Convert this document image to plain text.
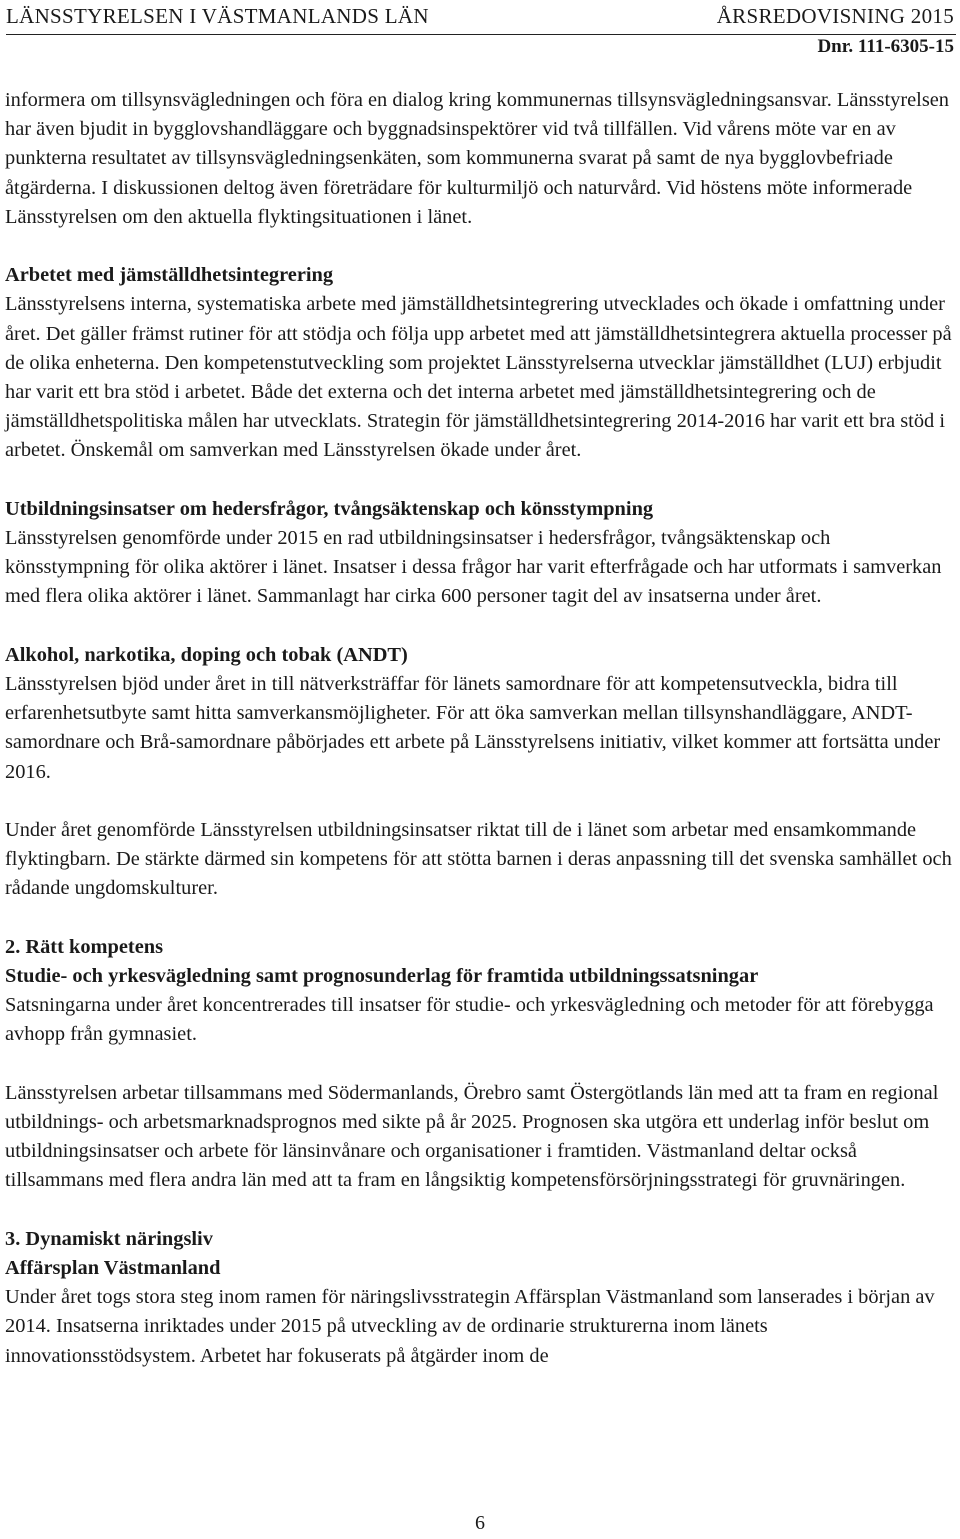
LÄNSSTYRELSEN I VÄSTMANLANDS LÄN	ÅRSREDOVISNING 2015
Dnr. 111-6305-15

informera om tillsynsvägledningen och föra en dialog kring kommunernas tillsynsvägledningsansvar. Länsstyrelsen har även bjudit in bygglovshandläggare och byggnadsinspektörer vid två tillfällen. Vid vårens möte var en av punkterna resultatet av tillsynsvägledningsenkäten, som kommunerna svarat på samt de nya bygglovbefriade åtgärderna. I diskussionen deltog även företrädare för kulturmiljö och naturvård. Vid höstens möte informerade Länsstyrelsen om den aktuella flyktingsituationen i länet.

Arbetet med jämställdhetsintegrering
Länsstyrelsens interna, systematiska arbete med jämställdhetsintegrering utvecklades och ökade i omfattning under året. Det gäller främst rutiner för att stödja och följa upp arbetet med att jämställdhetsintegrera aktuella processer på de olika enheterna. Den kompetenstutveckling som projektet Länsstyrelserna utvecklar jämställdhet (LUJ) erbjudit har varit ett bra stöd i arbetet. Både det externa och det interna arbetet med jämställdhetsintegrering och de jämställdhetspolitiska målen har utvecklats. Strategin för jämställdhetsintegrering 2014-2016 har varit ett bra stöd i arbetet. Önskemål om samverkan med Länsstyrelsen ökade under året.

Utbildningsinsatser om hedersfrågor, tvångsäktenskap och könsstympning
Länsstyrelsen genomförde under 2015 en rad utbildningsinsatser i hedersfrågor, tvångsäktenskap och könsstympning för olika aktörer i länet. Insatser i dessa frågor har varit efterfrågade och har utformats i samverkan med flera olika aktörer i länet. Sammanlagt har cirka 600 personer tagit del av insatserna under året.

Alkohol, narkotika, doping och tobak (ANDT)
Länsstyrelsen bjöd under året in till nätverksträffar för länets samordnare för att kompetensutveckla, bidra till erfarenhetsutbyte samt hitta samverkansmöjligheter. För att öka samverkan mellan tillsynshandläggare, ANDT-samordnare och Brå-samordnare påbörjades ett arbete på Länsstyrelsens initiativ, vilket kommer att fortsätta under 2016.

Under året genomförde Länsstyrelsen utbildningsinsatser riktat till de i länet som arbetar med ensamkommande flyktingbarn. De stärkte därmed sin kompetens för att stötta barnen i deras anpassning till det svenska samhället och rådande ungdomskulturer.

2. Rätt kompetens
Studie- och yrkesvägledning samt prognosunderlag för framtida utbildningssatsningar
Satsningarna under året koncentrerades till insatser för studie- och yrkesvägledning och metoder för att förebygga avhopp från gymnasiet.

Länsstyrelsen arbetar tillsammans med Södermanlands, Örebro samt Östergötlands län med att ta fram en regional utbildnings- och arbetsmarknadsprognos med sikte på år 2025. Prognosen ska utgöra ett underlag inför beslut om utbildningsinsatser och arbete för länsinvånare och organisationer i framtiden. Västmanland deltar också tillsammans med flera andra län med att ta fram en långsiktig kompetensförsörjningsstrategi för gruvnäringen.

3. Dynamiskt näringsliv
Affärsplan Västmanland
Under året togs stora steg inom ramen för näringslivsstrategin Affärsplan Västmanland som lanserades i början av 2014. Insatserna inriktades under 2015 på utveckling av de ordinarie strukturerna inom länets innovationsstödsystem. Arbetet har fokuserats på åtgärder inom de

6
